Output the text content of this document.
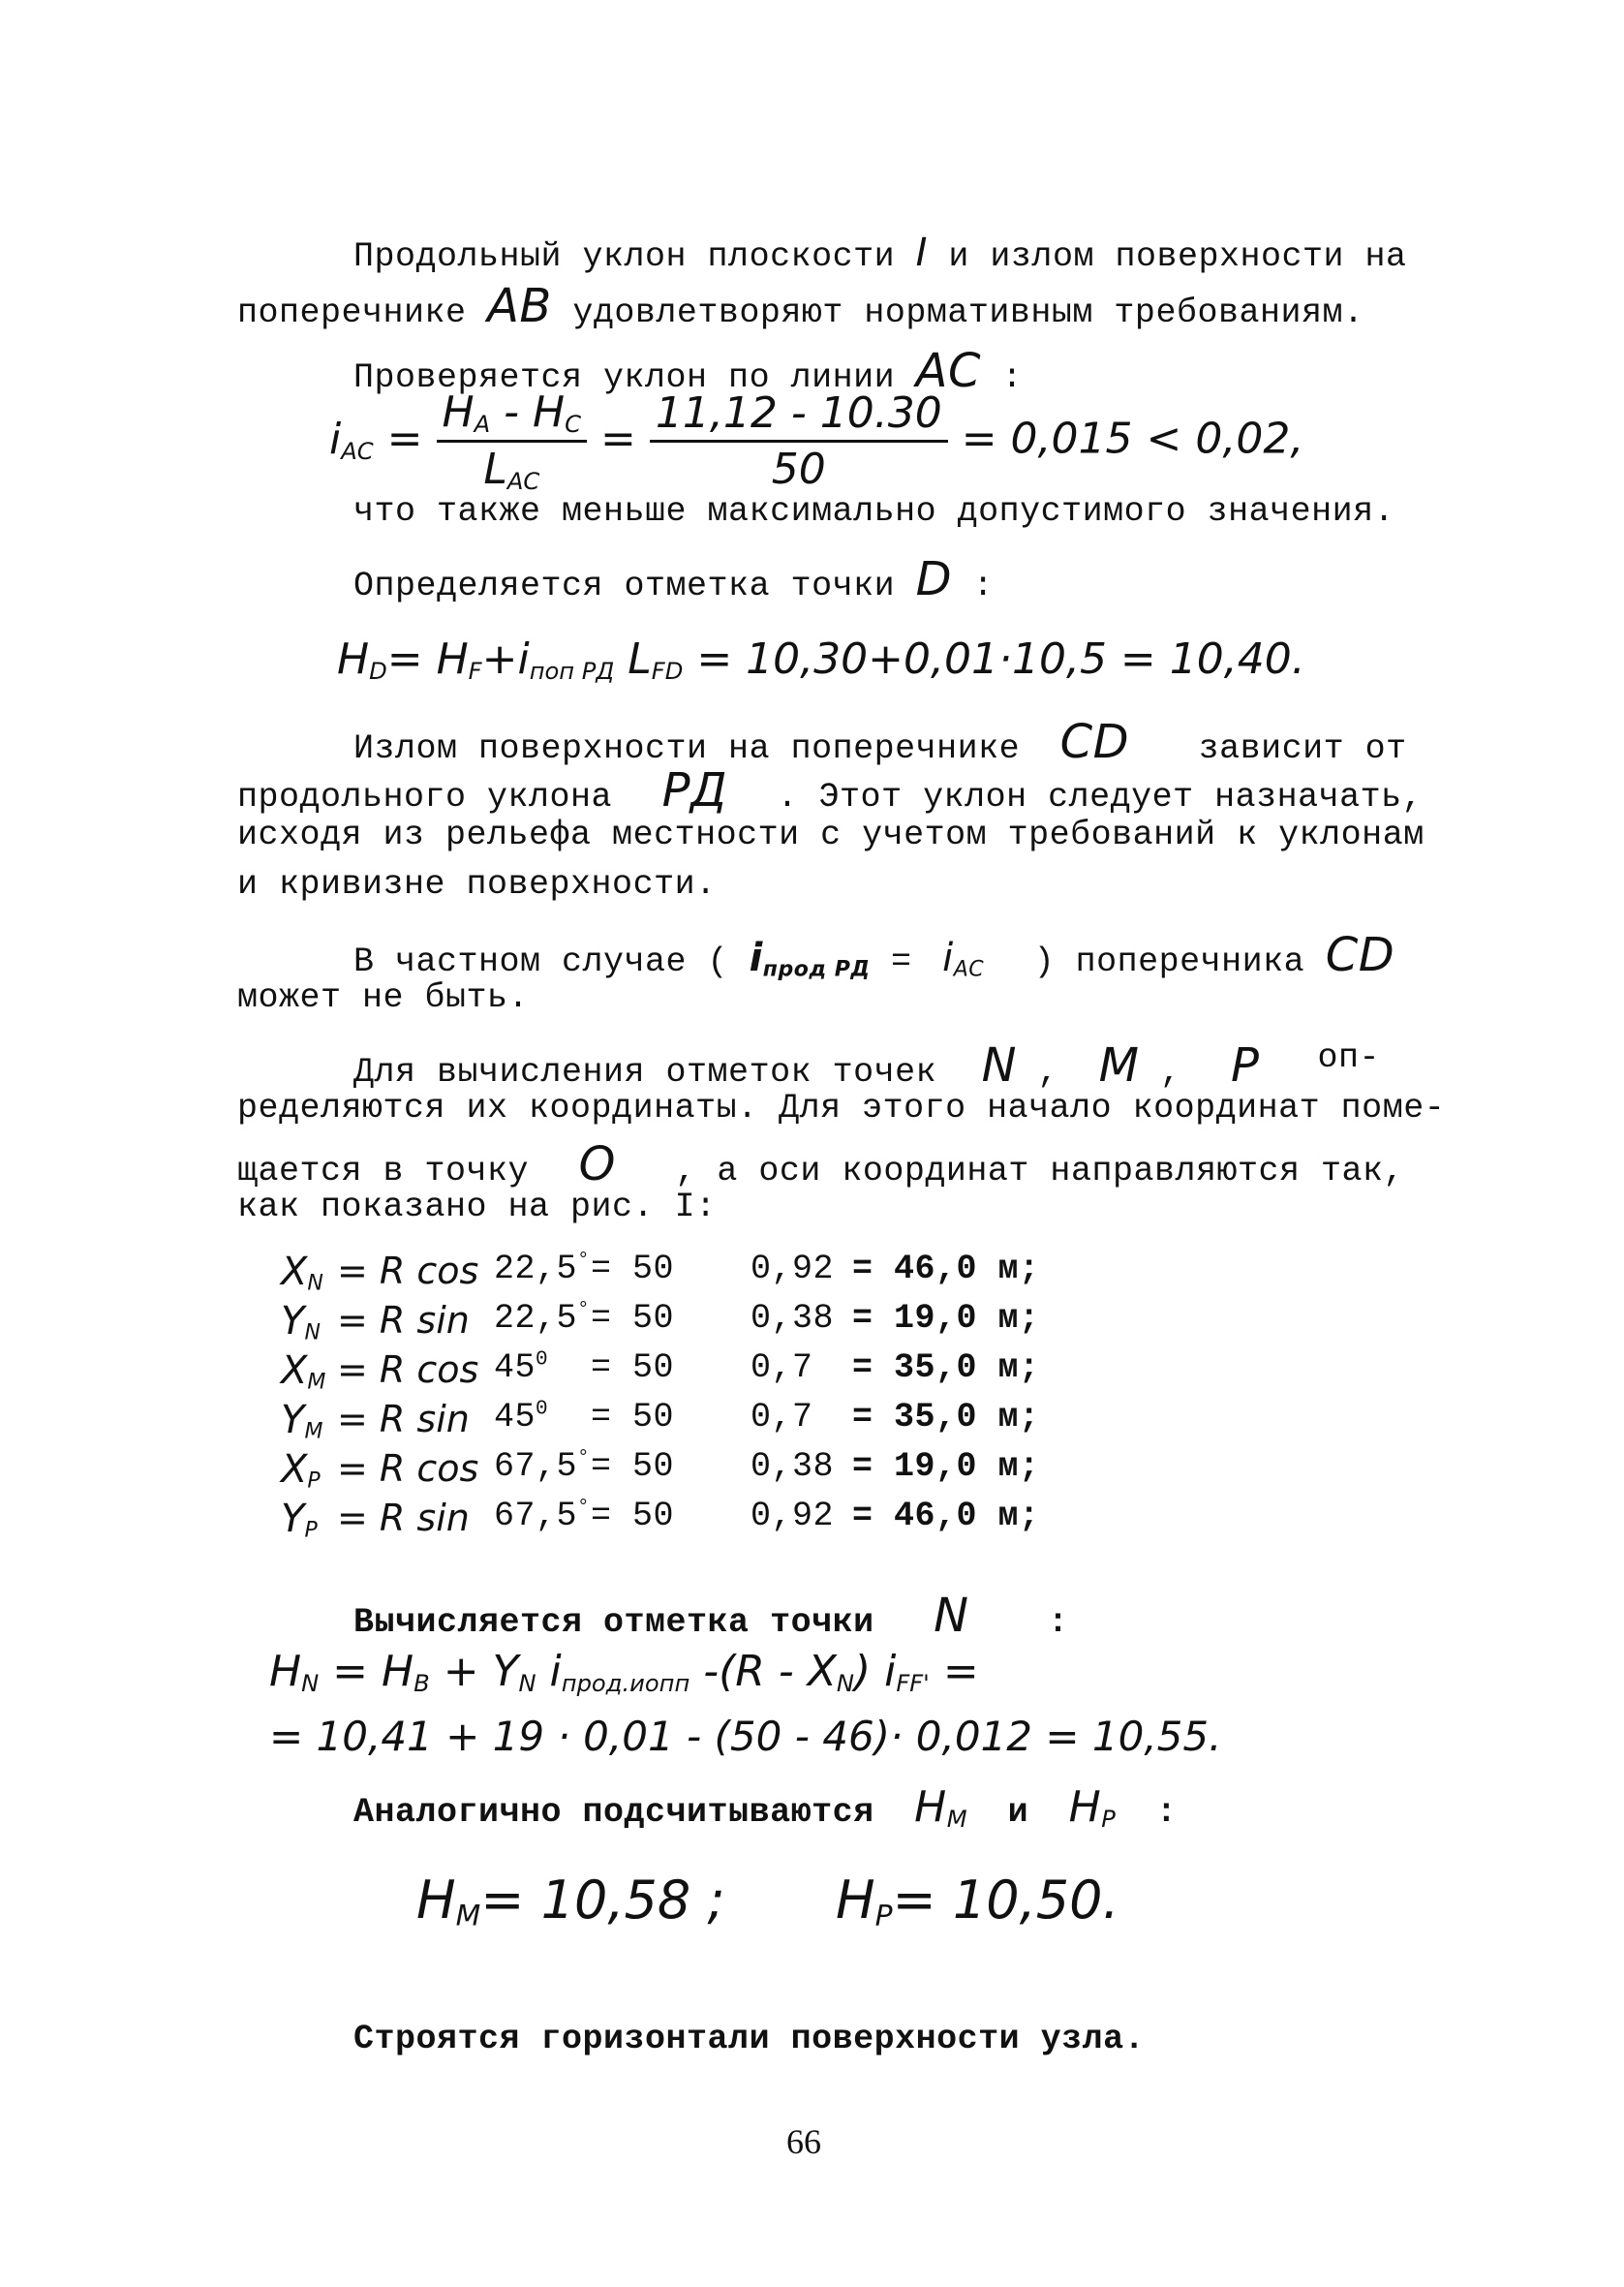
Продольный уклон плоскости I и излом поверхности на
поперечнике AB удовлетворяют нормативным требованиям.
Проверяется уклон по линии AC :
$i_{AC} = \frac{H_A - H_C}{L_{AC}} = \frac{11,12 - 10.30}{50} = 0,015 < 0,02$,
что также меньше максимально допустимого значения.
Определяется отметка точки D :
$H_D= H_F+i_{поп РД}$ $L_{FD} = 10,30+0,01\cdot 10,5 = 10,40$.
Излом поверхности на поперечнике CD зависит от
продольного уклона РД . Этот уклон следует назначать,
исходя из рельефа местности с учетом требований к уклонам
и кривизне поверхности.
В частном случае ( $i_{прод РД} = i_{AC}$ ) поперечника CD
может не быть.
Для вычисления отметок точек N , M , P оп-
ределяются их координаты. Для этого начало координат поме-
щается в точку O , а оси координат направляются так,
как показано на рис. I:
$X_N = R$ cos 22,5° = 50 0,92 = 46,0 м;
$Y_N = R$ sin 22,5° = 50 0,38 = 19,0 м;
$X_M = R$ $\cos 45^0 = 50$ 0,7 = 35,0 м;
$Y_M = R$ $\sin 45^0 = 50$ 0,7 = 35,0 м;
$X_P = R$ cos 67,5° = 50 0,38 = 19,0 м;
$Y_P = R$ sin 67,5° = 50 0,92 = 46,0 м;
Вычисляется отметка точки N :
$H_N = H_B + Y_N$ $i_{прод.иопп}$ $-(R - X_N)$ $i_{FF'}$ =
= 10,41 + 19 · 0,01 - (50 - 46)· 0,012 = 10,55.
Аналогично подсчитываются $H_M$ и $H_P$ :
$H_M= 10,58$ ; $H_P= 10,50$.
Строятся горизонтали поверхности узла.
66
